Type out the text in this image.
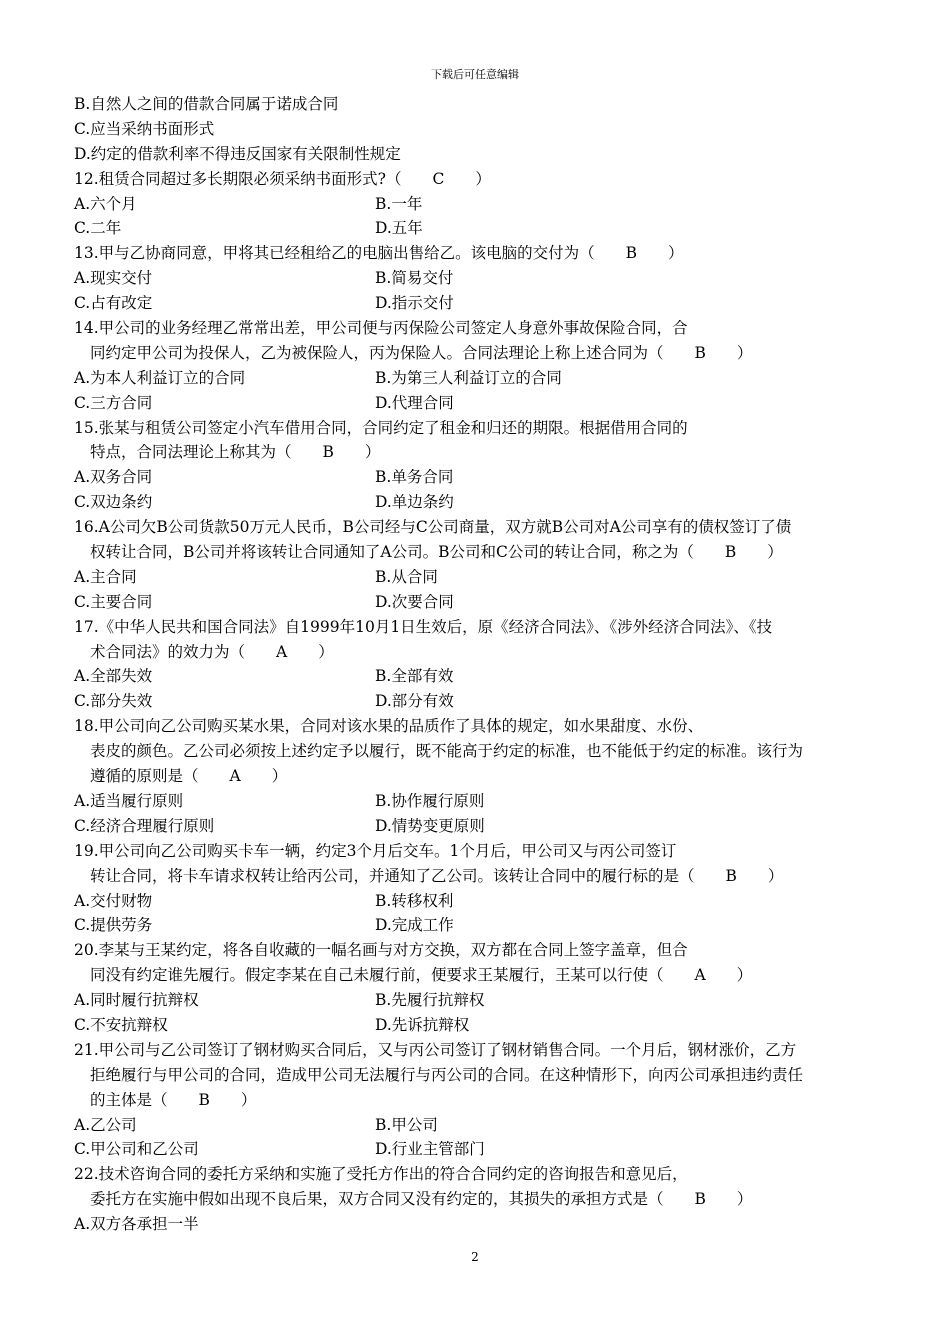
下载后可任意编辑
B.自然人之间的借款合同属于诺成合同
C.应当采纳书面形式
D.约定的借款利率不得违反国家有关限制性规定
12.租赁合同超过多长期限必须采纳书面形式?（　　C　　）
A.六个月	B.一年
C.二年	D.五年
13.甲与乙协商同意，甲将其已经租给乙的电脑出售给乙。该电脑的交付为（　　B　　）
A.现实交付	B.简易交付
C.占有改定	D.指示交付
14.甲公司的业务经理乙常常出差，甲公司便与丙保险公司签定人身意外事故保险合同，合
同约定甲公司为投保人，乙为被保险人，丙为保险人。合同法理论上称上述合同为（　　B　　）
A.为本人利益订立的合同	B.为第三人利益订立的合同
C.三方合同	D.代理合同
15.张某与租赁公司签定小汽车借用合同，合同约定了租金和归还的期限。根据借用合同的
特点，合同法理论上称其为（　　B　　）
A.双务合同	B.单务合同
C.双边条约	D.单边条约
16.A公司欠B公司货款50万元人民币，B公司经与C公司商量，双方就B公司对A公司享有的债权签订了债
权转让合同，B公司并将该转让合同通知了A公司。B公司和C公司的转让合同，称之为（　　B　　）
A.主合同	B.从合同
C.主要合同	D.次要合同
17.《中华人民共和国合同法》自1999年10月1日生效后，原《经济合同法》、《涉外经济合同法》、《技
术合同法》的效力为（　　A　　）
A.全部失效	B.全部有效
C.部分失效	D.部分有效
18.甲公司向乙公司购买某水果，合同对该水果的品质作了具体的规定，如水果甜度、水份、
表皮的颜色。乙公司必须按上述约定予以履行，既不能高于约定的标准，也不能低于约定的标准。该行为
遵循的原则是（　　A　　）
A.适当履行原则	B.协作履行原则
C.经济合理履行原则	D.情势变更原则
19.甲公司向乙公司购买卡车一辆，约定3个月后交车。1个月后，甲公司又与丙公司签订
转让合同，将卡车请求权转让给丙公司，并通知了乙公司。该转让合同中的履行标的是（　　B　　）
A.交付财物	B.转移权利
C.提供劳务	D.完成工作
20.李某与王某约定，将各自收藏的一幅名画与对方交换，双方都在合同上签字盖章，但合
同没有约定谁先履行。假定李某在自己未履行前，便要求王某履行，王某可以行使（　　A　　）
A.同时履行抗辩权	B.先履行抗辩权
C.不安抗辩权	D.先诉抗辩权
21.甲公司与乙公司签订了钢材购买合同后，又与丙公司签订了钢材销售合同。一个月后，钢材涨价，乙方
拒绝履行与甲公司的合同，造成甲公司无法履行与丙公司的合同。在这种情形下，向丙公司承担违约责任
的主体是（　　B　　）
A.乙公司	B.甲公司
C.甲公司和乙公司	D.行业主管部门
22.技术咨询合同的委托方采纳和实施了受托方作出的符合合同约定的咨询报告和意见后，
委托方在实施中假如出现不良后果，双方合同又没有约定的，其损失的承担方式是（　　B　　）
A.双方各承担一半
2
